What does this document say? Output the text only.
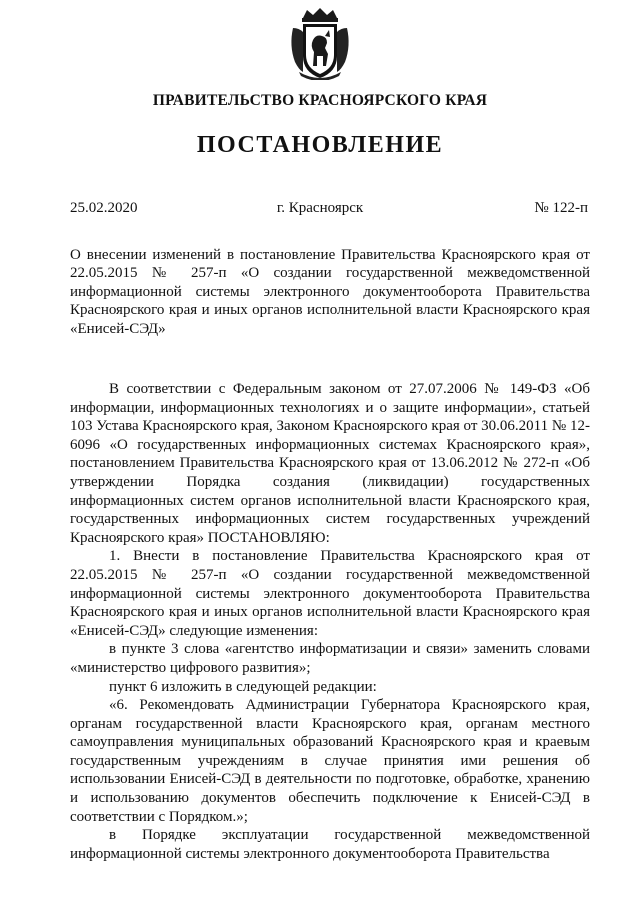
ПРАВИТЕЛЬСТВО КРАСНОЯРСКОГО КРАЯ
ПОСТАНОВЛЕНИЕ
25.02.2020	г. Красноярск	№ 122-п
О внесении изменений в постановление Правительства Красноярского края от 22.05.2015 № 257-п «О создании государственной межведомственной информационной системы электронного документооборота Правительства Красноярского края и иных органов исполнительной власти Красноярского края «Енисей-СЭД»

В соответствии с Федеральным законом от 27.07.2006 № 149-ФЗ «Об информации, информационных технологиях и о защите информации», статьей 103 Устава Красноярского края, Законом Красноярского края от 30.06.2011 № 12-6096 «О государственных информационных системах Красноярского края», постановлением Правительства Красноярского края от 13.06.2012 № 272-п «Об утверждении Порядка создания (ликвидации) государственных информационных систем органов исполнительной власти Красноярского края, государственных информационных систем государственных учреждений Красноярского края» ПОСТАНОВЛЯЮ:

1. Внести в постановление Правительства Красноярского края от 22.05.2015 № 257-п «О создании государственной межведомственной информационной системы электронного документооборота Правительства Красноярского края и иных органов исполнительной власти Красноярского края «Енисей-СЭД» следующие изменения:

в пункте 3 слова «агентство информатизации и связи» заменить словами «министерство цифрового развития»;

пункт 6 изложить в следующей редакции:

«6. Рекомендовать Администрации Губернатора Красноярского края, органам государственной власти Красноярского края, органам местного самоуправления муниципальных образований Красноярского края и краевым государственным учреждениям в случае принятия ими решения об использовании Енисей-СЭД в деятельности по подготовке, обработке, хранению и использованию документов обеспечить подключение к Енисей-СЭД в соответствии с Порядком.»;

в Порядке эксплуатации государственной межведомственной информационной системы электронного документооборота Правительства
